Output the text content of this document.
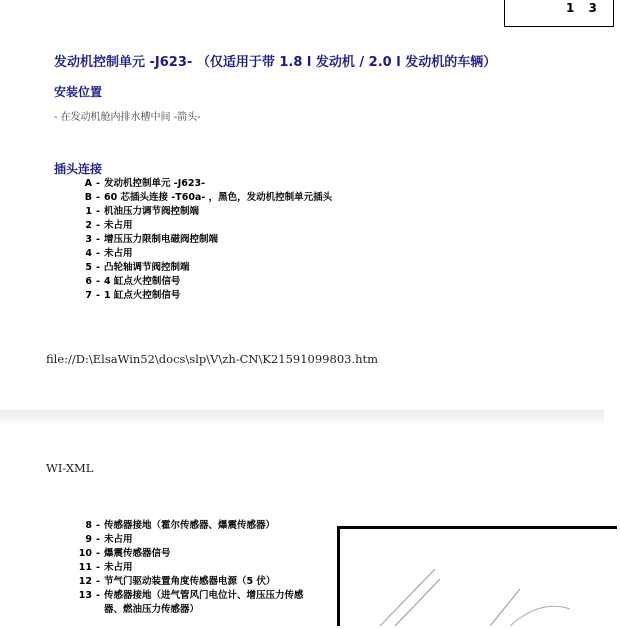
1 3
发动机控制单元 -J623- （仅适用于带 1.8 l 发动机 / 2.0 l 发动机的车辆）
安装位置
- 在发动机舱内排水槽中间 -箭头-
插头连接
A - 发动机控制单元 -J623-
B - 60 芯插头连接 -T60a- ，黑色，发动机控制单元插头
1 - 机油压力调节阀控制端
2 - 未占用
3 - 增压压力限制电磁阀控制端
4 - 未占用
5 - 凸轮轴调节阀控制端
6 - 4 缸点火控制信号
7 - 1 缸点火控制信号
file://D:\ElsaWin52\docs\slp\V\zh-CN\K21591099803.htm
WI-XML
8 - 传感器接地（霍尔传感器、爆震传感器）
9 - 未占用
10 - 爆震传感器信号
11 - 未占用
12 - 节气门驱动装置角度传感器电源（5 伏）
13 - 传感器接地（进气管风门电位计、增压压力传感
器、燃油压力传感器）
